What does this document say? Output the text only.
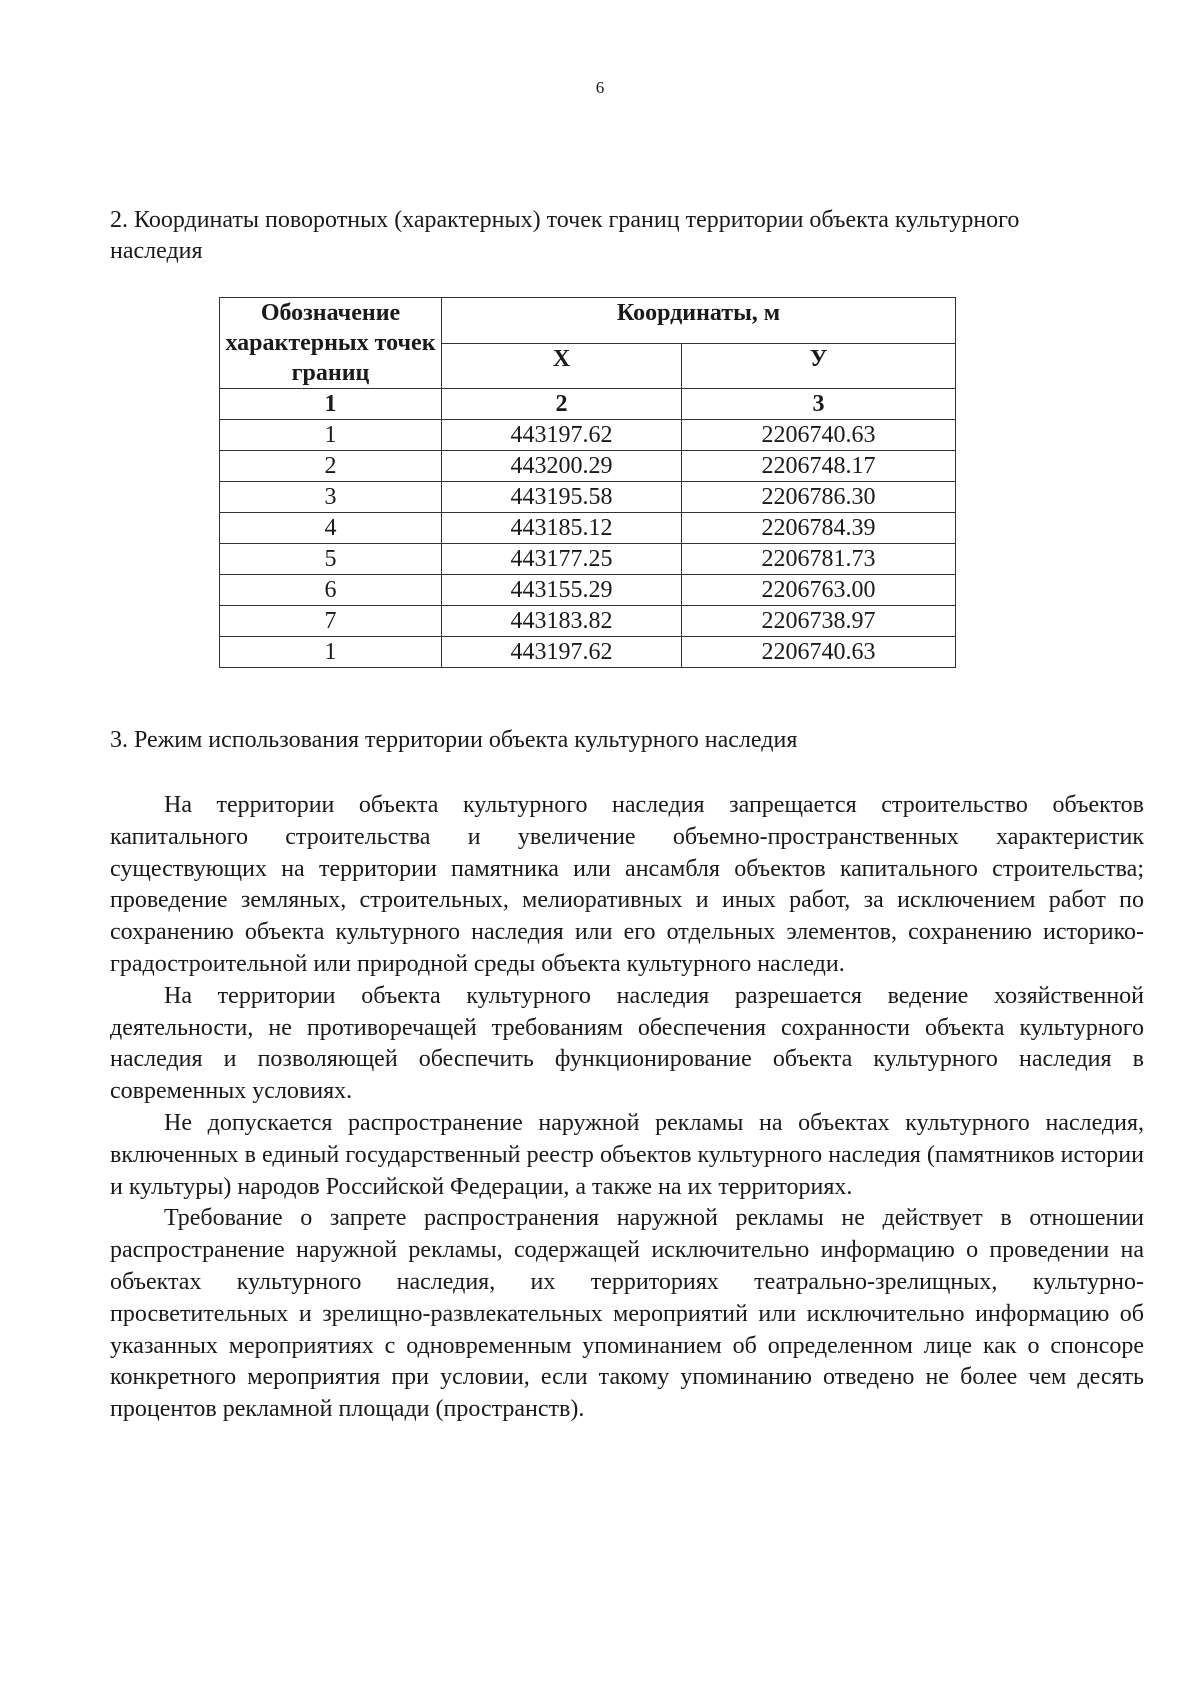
6
2. Координаты поворотных (характерных) точек границ территории объекта культурного наследия
Обозначение характерных точек границ	Координаты, м	
	X	У
1	2	3
1	443197.62	2206740.63
2	443200.29	2206748.17
3	443195.58	2206786.30
4	443185.12	2206784.39
5	443177.25	2206781.73
6	443155.29	2206763.00
7	443183.82	2206738.97
1	443197.62	2206740.63
3. Режим использования территории объекта культурного наследия

На территории объекта культурного наследия запрещается строительство объектов капитального строительства и увеличение объемно-пространственных характеристик существующих на территории памятника или ансамбля объектов капитального строительства; проведение земляных, строительных, мелиоративных и иных работ, за исключением работ по сохранению объекта культурного наследия или его отдельных элементов, сохранению историко-градостроительной или природной среды объекта культурного наследи.

На территории объекта культурного наследия разрешается ведение хозяйственной деятельности, не противоречащей требованиям обеспечения сохранности объекта культурного наследия и позволяющей обеспечить функционирование объекта культурного наследия в современных условиях.

Не допускается распространение наружной рекламы на объектах культурного наследия, включенных в единый государственный реестр объектов культурного наследия (памятников истории и культуры) народов Российской Федерации, а также на их территориях.

Требование о запрете распространения наружной рекламы не действует в отношении распространение наружной рекламы, содержащей исключительно информацию о проведении на объектах культурного наследия, их территориях театрально-зрелищных, культурно-просветительных и зрелищно-развлекательных мероприятий или исключительно информацию об указанных мероприятиях с одновременным упоминанием об определенном лице как о спонсоре конкретного мероприятия при условии, если такому упоминанию отведено не более чем десять процентов рекламной площади (пространств).
